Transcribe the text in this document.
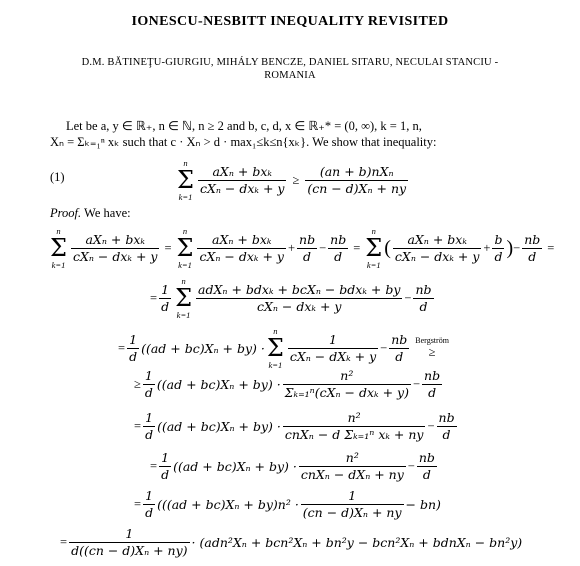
IONESCU-NESBITT INEQUALITY REVISITED
D.M. BĂTINEŢU-GIURGIU, MIHÁLY BENCZE, DANIEL SITARU, NECULAI STANCIU -
ROMANIA
Let be a, y ∈ ℝ₊, n ∈ ℕ, n ≥ 2 and b, c, d, x ∈ ℝ₊* = (0, ∞), k = 1, n,
Xₙ = Σₖ₌₁ⁿ xₖ such that c · Xₙ > d · max₁≤k≤n{xₖ}. We show that inequality:
(1)
n
Σ
k=1
$\frac{\text{aXₙ + bxₖ}}{\text{cXₙ − dxₖ + y}} \ge \frac{\text{(an + b)nXₙ}}{\text{(cn − d)Xₙ + ny}}$
Proof. We have:
n
Σ
k=1
$\frac{\text{aXₙ + bxₖ}}{\text{cXₙ − dxₖ + y}}$ =
n
Σ
k=1
$\frac{\text{aXₙ + bxₖ}}{\text{cXₙ − dxₖ + y}} + \frac{nb}{d} - \frac{nb}{d}$ =
n
Σ
k=1
( $\frac{\text{aXₙ + bxₖ}}{\text{cXₙ − dxₖ + y}} + \frac{b}{d}$ ) − $\frac{nb}{d}$ =
= $\frac{1}{d}$
n
Σ
k=1
$\frac{\text{adXₙ + bdxₖ + bcXₙ − bdxₖ + by}}{\text{cXₙ − dxₖ + y}} - \frac{nb}{d}$
= $\frac{1}{d} ((ad + bc)X_n + by)$ ·
n
Σ
k=1
$\frac{1}{\text{cXₙ − dXₖ + y}} - \frac{nb}{d}$ Bergström
≥
≥ $\frac{1}{d} ((ad + bc)X_n + by) \cdot \frac{\text{n²}}{\text{Σₖ₌₁ⁿ(cXₙ − dxₖ + y)}} - \frac{nb}{d}$
= $\frac{1}{d} ((ad + bc)X_n + by) \cdot \frac{\text{n²}}{\text{cnXₙ − d Σₖ₌₁ⁿ xₖ + ny}} - \frac{nb}{d}$
= $\frac{1}{d} ((ad + bc)X_n + by) \cdot \frac{\text{n²}}{\text{cnXₙ − dXₙ + ny}} - \frac{nb}{d}$
= $\frac{1}{d} (((ad + bc)X_n + by)n^2 \cdot \frac{1}{\text{(cn − d)Xₙ + ny}} - bn)$
= $\frac{1}{\text{d((cn − d)Xₙ + ny)}} \cdot (adn^2X_n + bcn^2X_n + bn^2y - bcn^2X_n$ + bdnXₙ − bn²y)
